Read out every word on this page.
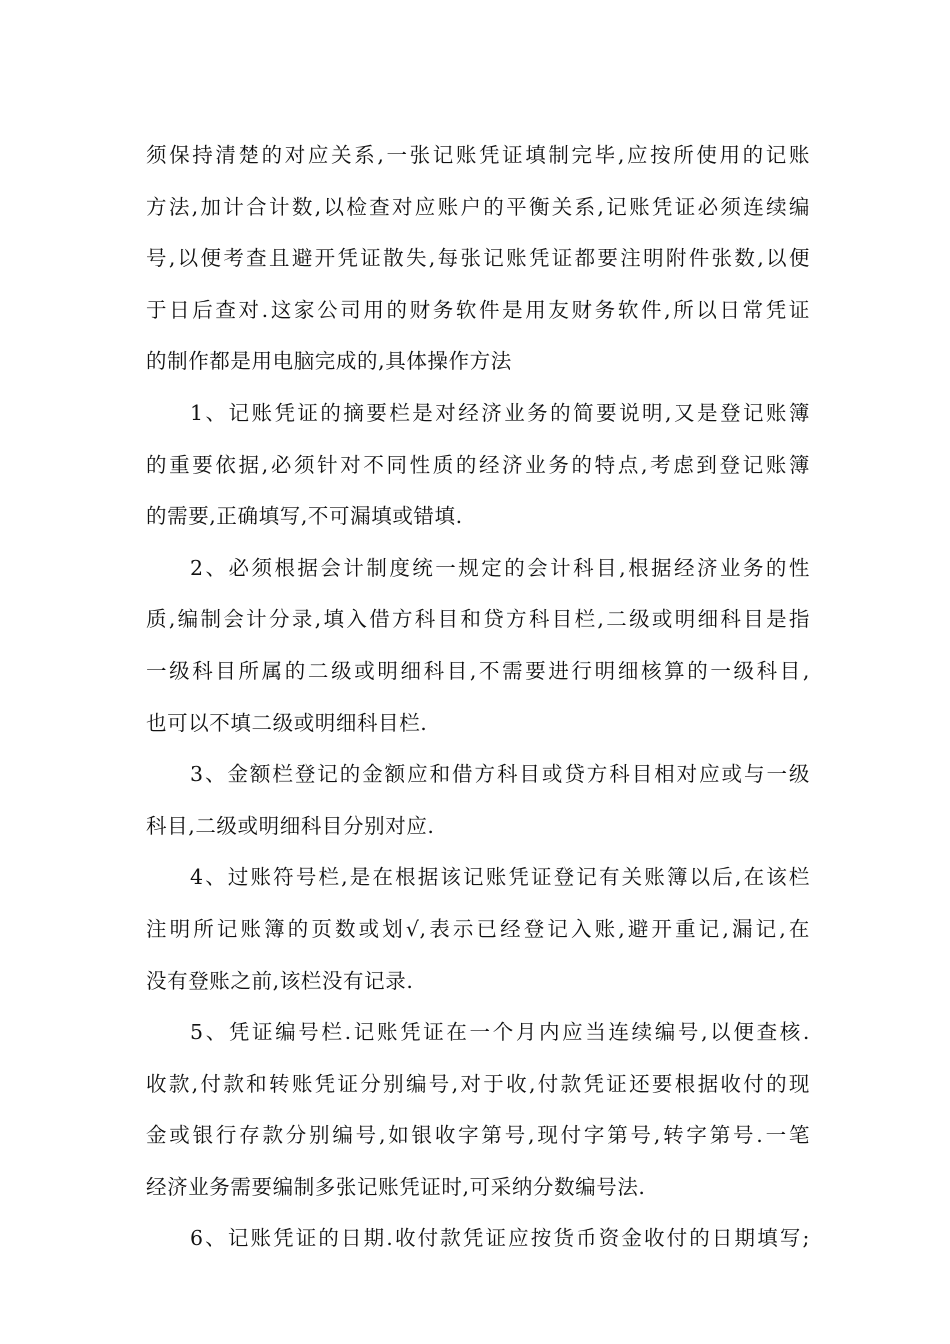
须保持清楚的对应关系,一张记账凭证填制完毕,应按所使用的记账
方法,加计合计数,以检查对应账户的平衡关系,记账凭证必须连续编
号,以便考查且避开凭证散失,每张记账凭证都要注明附件张数,以便
于日后查对.这家公司用的财务软件是用友财务软件,所以日常凭证
的制作都是用电脑完成的,具体操作方法
1、记账凭证的摘要栏是对经济业务的简要说明,又是登记账簿
的重要依据,必须针对不同性质的经济业务的特点,考虑到登记账簿
的需要,正确填写,不可漏填或错填.
2、必须根据会计制度统一规定的会计科目,根据经济业务的性
质,编制会计分录,填入借方科目和贷方科目栏,二级或明细科目是指
一级科目所属的二级或明细科目,不需要进行明细核算的一级科目,
也可以不填二级或明细科目栏.
3、金额栏登记的金额应和借方科目或贷方科目相对应或与一级
科目,二级或明细科目分别对应.
4、过账符号栏,是在根据该记账凭证登记有关账簿以后,在该栏
注明所记账簿的页数或划√,表示已经登记入账,避开重记,漏记,在
没有登账之前,该栏没有记录.
5、凭证编号栏.记账凭证在一个月内应当连续编号,以便查核.
收款,付款和转账凭证分别编号,对于收,付款凭证还要根据收付的现
金或银行存款分别编号,如银收字第号,现付字第号,转字第号.一笔
经济业务需要编制多张记账凭证时,可采纳分数编号法.
6、记账凭证的日期.收付款凭证应按货币资金收付的日期填写;
